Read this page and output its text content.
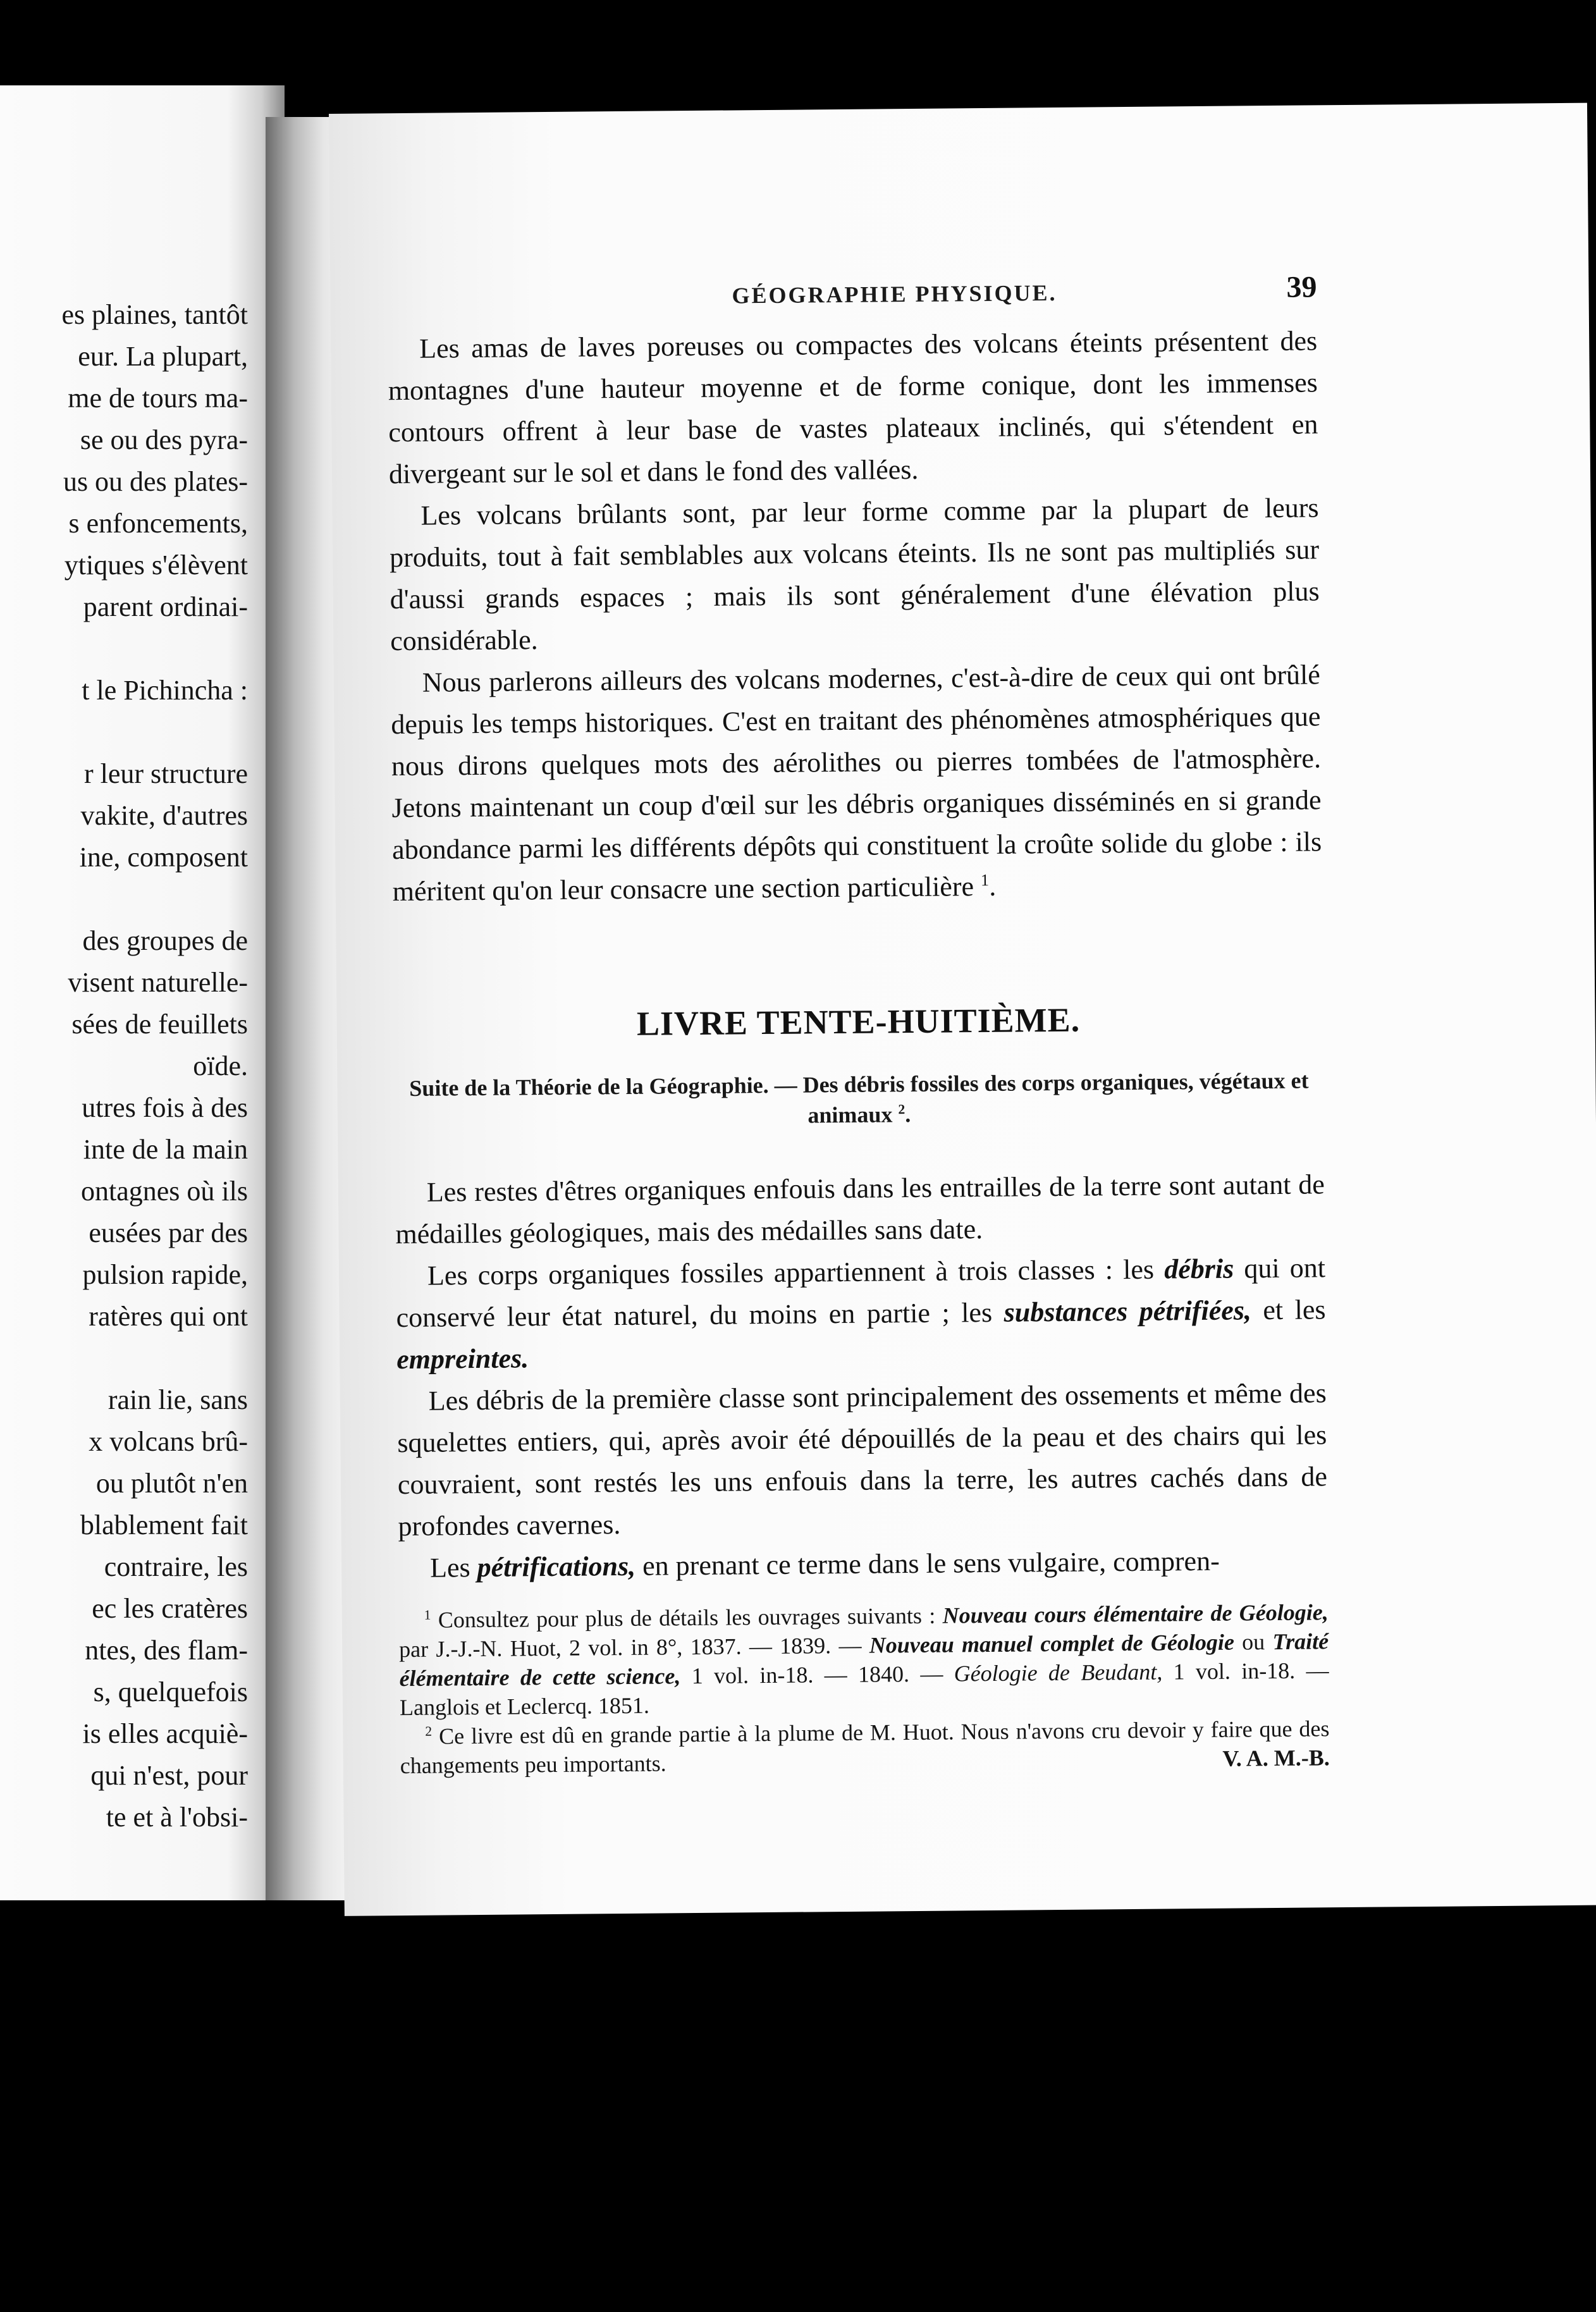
es plaines, tantôt
eur. La plupart,
me de tours ma-
se ou des pyra-
us ou des plates-
s enfoncements,
ytiques s'élèvent
parent ordinai-
t le Pichincha :
r leur structure
vakite, d'autres
ine, composent
des groupes de
visent naturelle-
sées de feuillets
oïde.
utres fois à des
inte de la main
ontagnes où ils
eusées par des
pulsion rapide,
ratères qui ont
rain lie, sans
x volcans brû-
ou plutôt n'en
blablement fait
contraire, les
ec les cratères
ntes, des flam-
s, quelquefois
is elles acquiè-
qui n'est, pour
te et à l'obsi-
GÉOGRAPHIE PHYSIQUE.	39

Les amas de laves poreuses ou compactes des volcans éteints présentent des montagnes d'une hauteur moyenne et de forme conique, dont les immenses contours offrent à leur base de vastes plateaux inclinés, qui s'étendent en divergeant sur le sol et dans le fond des vallées.

Les volcans brûlants sont, par leur forme comme par la plupart de leurs produits, tout à fait semblables aux volcans éteints. Ils ne sont pas multipliés sur d'aussi grands espaces ; mais ils sont généralement d'une élévation plus considérable.

Nous parlerons ailleurs des volcans modernes, c'est-à-dire de ceux qui ont brûlé depuis les temps historiques. C'est en traitant des phénomènes atmosphériques que nous dirons quelques mots des aérolithes ou pierres tombées de l'atmosphère. Jetons maintenant un coup d'œil sur les débris organiques disséminés en si grande abondance parmi les différents dépôts qui constituent la croûte solide du globe : ils méritent qu'on leur consacre une section particulière $^1$.

LIVRE TENTE-HUITIÈME.
Suite de la Théorie de la Géographie. — Des débris fossiles des corps organiques, végétaux et animaux $^2$.

Les restes d'êtres organiques enfouis dans les entrailles de la terre sont autant de médailles géologiques, mais des médailles sans date.

Les corps organiques fossiles appartiennent à trois classes : les débris qui ont conservé leur état naturel, du moins en partie ; les substances pétrifiées, et les empreintes.

Les débris de la première classe sont principalement des ossements et même des squelettes entiers, qui, après avoir été dépouillés de la peau et des chairs qui les couvraient, sont restés les uns enfouis dans la terre, les autres cachés dans de profondes cavernes.

Les pétrifications, en prenant ce terme dans le sens vulgaire, compren-

$^1$ Consultez pour plus de détails les ouvrages suivants : Nouveau cours élémentaire de Géologie, par J.-J.-N. Huot, 2 vol. in 8°, 1837. — 1839. — Nouveau manuel complet de Géologie ou Traité élémentaire de cette science, 1 vol. in-18. — 1840. — Géologie de Beudant, 1 vol. in-18. — Langlois et Leclercq. 1851.

$^2$ Ce livre est dû en grande partie à la plume de M. Huot. Nous n'avons cru devoir y faire que des changements peu importants.	V. A. M.-B.
